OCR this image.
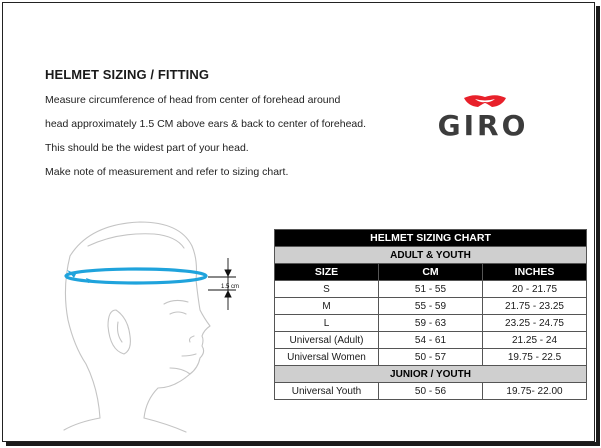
HELMET SIZING / FITTING

Measure circumference of head from center of forehead around

head approximately 1.5 CM above ears & back to center of forehead.

This should be the widest part of your head.

Make note of measurement and refer to sizing chart.

GIRO
1.5 cm
HELMET SIZING CHART		
ADULT & YOUTH		
SIZE	CM	INCHES
S	51 - 55	20 - 21.75
M	55 - 59	21.75 - 23.25
L	59 - 63	23.25 - 24.75
Universal (Adult)	54 - 61	21.25 - 24
Universal Women	50 - 57	19.75 - 22.5
JUNIOR / YOUTH		
Universal Youth	50 - 56	19.75- 22.00
